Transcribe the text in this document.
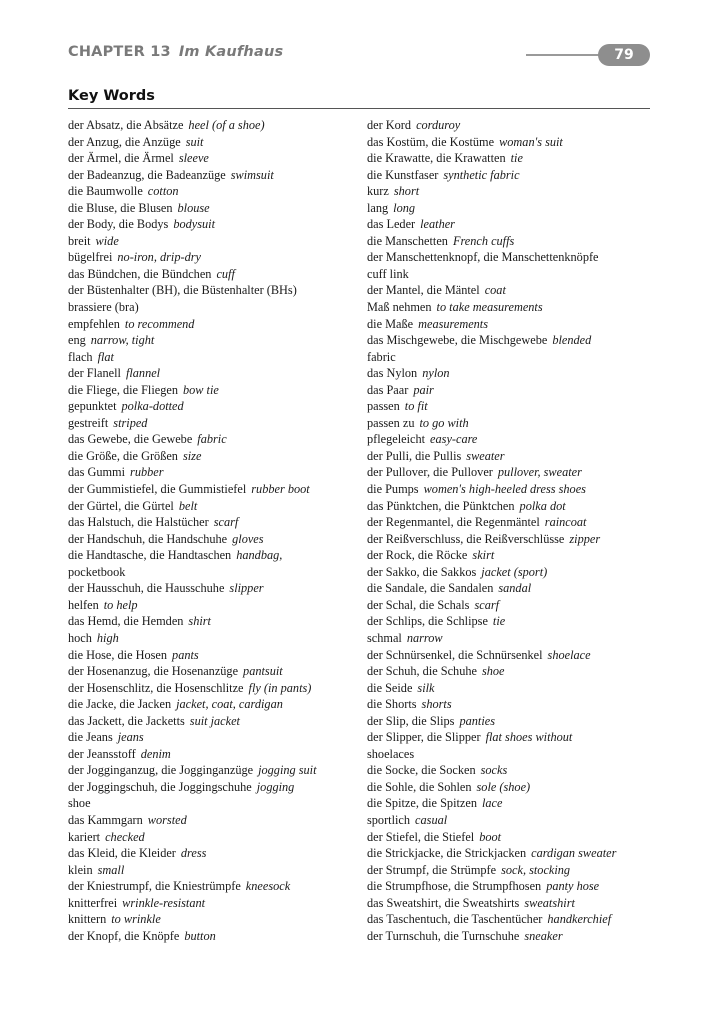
CHAPTER 13 Im Kaufhaus	79
Key Words
der Absatz, die Absätze heel (of a shoe)
der Anzug, die Anzüge suit
der Ärmel, die Ärmel sleeve
der Badeanzug, die Badeanzüge swimsuit
die Baumwolle cotton
die Bluse, die Blusen blouse
der Body, die Bodys bodysuit
breit wide
bügelfrei no-iron, drip-dry
das Bündchen, die Bündchen cuff
der Büstenhalter (BH), die Büstenhalter (BHs)
brassiere (bra)
empfehlen to recommend
eng narrow, tight
flach flat
der Flanell flannel
die Fliege, die Fliegen bow tie
gepunktet polka-dotted
gestreift striped
das Gewebe, die Gewebe fabric
die Größe, die Größen size
das Gummi rubber
der Gummistiefel, die Gummistiefel rubber boot
der Gürtel, die Gürtel belt
das Halstuch, die Halstücher scarf
der Handschuh, die Handschuhe gloves
die Handtasche, die Handtaschen handbag,
pocketbook
der Hausschuh, die Hausschuhe slipper
helfen to help
das Hemd, die Hemden shirt
hoch high
die Hose, die Hosen pants
der Hosenanzug, die Hosenanzüge pantsuit
der Hosenschlitz, die Hosenschlitze fly (in pants)
die Jacke, die Jacken jacket, coat, cardigan
das Jackett, die Jacketts suit jacket
die Jeans jeans
der Jeansstoff denim
der Jogginganzug, die Jogginganzüge jogging suit
der Joggingschuh, die Joggingschuhe jogging
shoe
das Kammgarn worsted
kariert checked
das Kleid, die Kleider dress
klein small
der Kniestrumpf, die Kniestrümpfe kneesock
knitterfrei wrinkle-resistant
knittern to wrinkle
der Knopf, die Knöpfe button
der Kord corduroy
das Kostüm, die Kostüme woman's suit
die Krawatte, die Krawatten tie
die Kunstfaser synthetic fabric
kurz short
lang long
das Leder leather
die Manschetten French cuffs
der Manschettenknopf, die Manschettenknöpfe
cuff link
der Mantel, die Mäntel coat
Maß nehmen to take measurements
die Maße measurements
das Mischgewebe, die Mischgewebe blended
fabric
das Nylon nylon
das Paar pair
passen to fit
passen zu to go with
pflegeleicht easy-care
der Pulli, die Pullis sweater
der Pullover, die Pullover pullover, sweater
die Pumps women's high-heeled dress shoes
das Pünktchen, die Pünktchen polka dot
der Regenmantel, die Regenmäntel raincoat
der Reißverschluss, die Reißverschlüsse zipper
der Rock, die Röcke skirt
der Sakko, die Sakkos jacket (sport)
die Sandale, die Sandalen sandal
der Schal, die Schals scarf
der Schlips, die Schlipse tie
schmal narrow
der Schnürsenkel, die Schnürsenkel shoelace
der Schuh, die Schuhe shoe
die Seide silk
die Shorts shorts
der Slip, die Slips panties
der Slipper, die Slipper flat shoes without
shoelaces
die Socke, die Socken socks
die Sohle, die Sohlen sole (shoe)
die Spitze, die Spitzen lace
sportlich casual
der Stiefel, die Stiefel boot
die Strickjacke, die Strickjacken cardigan sweater
der Strumpf, die Strümpfe sock, stocking
die Strumpfhose, die Strumpfhosen panty hose
das Sweatshirt, die Sweatshirts sweatshirt
das Taschentuch, die Taschentücher handkerchief
der Turnschuh, die Turnschuhe sneaker
